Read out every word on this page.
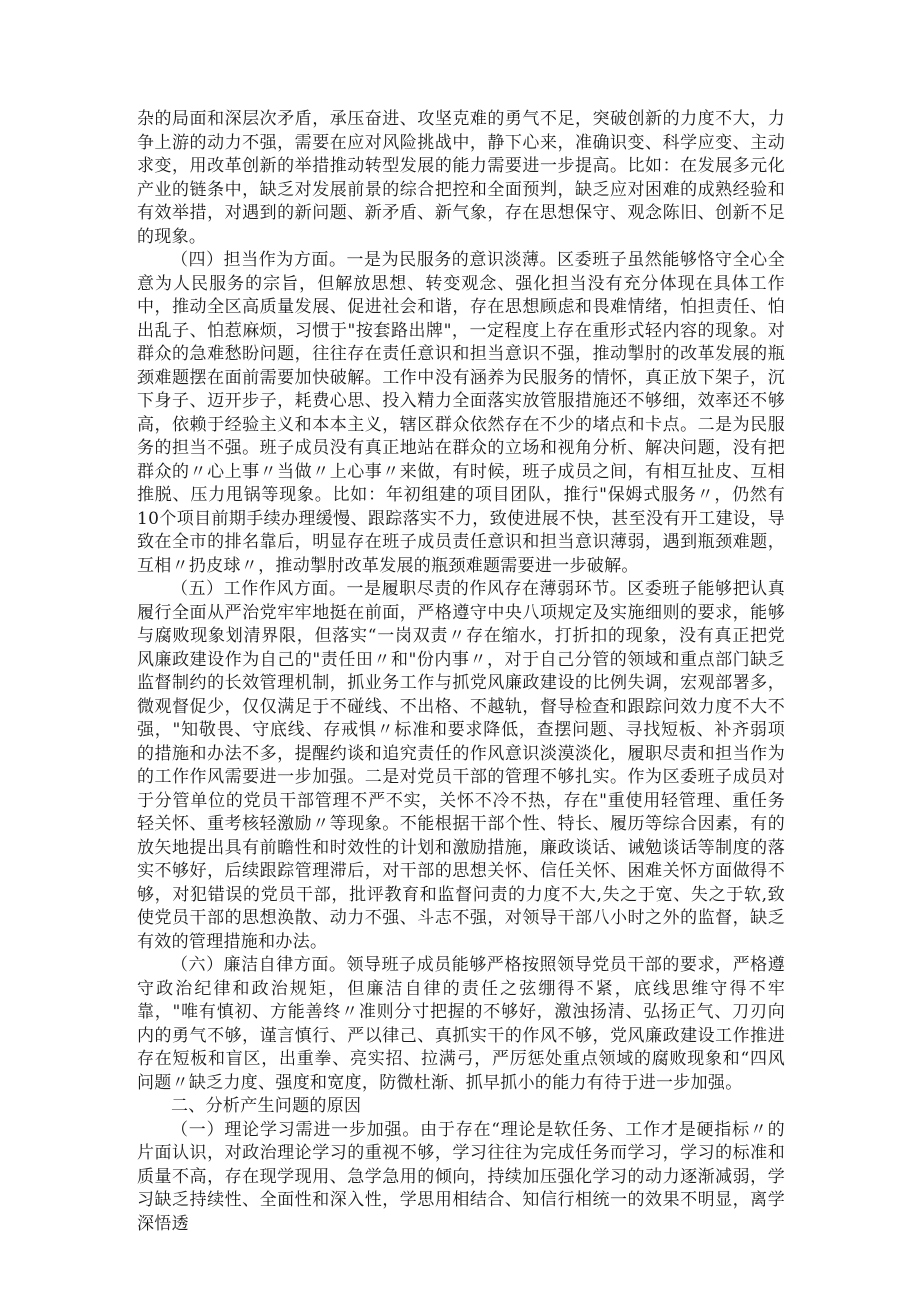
杂的局面和深层次矛盾，承压奋进、攻坚克难的勇气不足，突破创新的力度不大，力争上游的动力不强，需要在应对风险挑战中，静下心来，准确识变、科学应变、主动求变，用改革创新的举措推动转型发展的能力需要进一步提高。比如：在发展多元化产业的链条中，缺乏对发展前景的综合把控和全面预判，缺乏应对困难的成熟经验和有效举措，对遇到的新问题、新矛盾、新气象，存在思想保守、观念陈旧、创新不足的现象。

（四）担当作为方面。一是为民服务的意识淡薄。区委班子虽然能够恪守全心全意为人民服务的宗旨，但解放思想、转变观念、强化担当没有充分体现在具体工作中，推动全区高质量发展、促进社会和谐，存在思想顾虑和畏难情绪，怕担责任、怕出乱子、怕惹麻烦，习惯于"按套路出牌"，一定程度上存在重形式轻内容的现象。对群众的急难愁盼问题，往往存在责任意识和担当意识不强，推动掣肘的改革发展的瓶颈难题摆在面前需要加快破解。工作中没有涵养为民服务的情怀，真正放下架子，沉下身子、迈开步子，耗费心思、投入精力全面落实放管服措施还不够细，效率还不够高，依赖于经验主义和本本主义，辖区群众依然存在不少的堵点和卡点。二是为民服务的担当不强。班子成员没有真正地站在群众的立场和视角分析、解决问题，没有把群众的〃心上事〃当做〃上心事〃来做，有时候，班子成员之间，有相互扯皮、互相推脱、压力甩锅等现象。比如：年初组建的项目团队，推行"保姆式服务〃，仍然有10个项目前期手续办理缓慢、跟踪落实不力，致使进展不快，甚至没有开工建设，导致在全市的排名靠后，明显存在班子成员责任意识和担当意识薄弱，遇到瓶颈难题，互相〃扔皮球〃，推动掣肘改革发展的瓶颈难题需要进一步破解。

（五）工作作风方面。一是履职尽责的作风存在薄弱环节。区委班子能够把认真履行全面从严治党牢牢地挺在前面，严格遵守中央八项规定及实施细则的要求，能够与腐败现象划清界限，但落实“一岗双责〃存在缩水，打折扣的现象，没有真正把党风廉政建设作为自己的"责任田〃和"份内事〃，对于自己分管的领域和重点部门缺乏监督制约的长效管理机制，抓业务工作与抓党风廉政建设的比例失调，宏观部署多，微观督促少，仅仅满足于不碰线、不出格、不越轨，督导检查和跟踪问效力度不大不强，"知敬畏、守底线、存戒惧〃标准和要求降低，查摆问题、寻找短板、补齐弱项的措施和办法不多，提醒约谈和追究责任的作风意识淡漠淡化，履职尽责和担当作为的工作作风需要进一步加强。二是对党员干部的管理不够扎实。作为区委班子成员对于分管单位的党员干部管理不严不实，关怀不冷不热，存在"重使用轻管理、重任务轻关怀、重考核轻激励〃等现象。不能根据干部个性、特长、履历等综合因素，有的放矢地提出具有前瞻性和时效性的计划和激励措施，廉政谈话、诫勉谈话等制度的落实不够好，后续跟踪管理滞后，对干部的思想关怀、信任关怀、困难关怀方面做得不够，对犯错误的党员干部，批评教育和监督问责的力度不大,失之于宽、失之于软,致使党员干部的思想涣散、动力不强、斗志不强，对领导干部八小时之外的监督，缺乏有效的管理措施和办法。

（六）廉洁自律方面。领导班子成员能够严格按照领导党员干部的要求，严格遵守政治纪律和政治规矩，但廉洁自律的责任之弦绷得不紧，底线思维守得不牢靠，"唯有慎初、方能善终〃准则分寸把握的不够好，激浊扬清、弘扬正气、刀刃向内的勇气不够，谨言慎行、严以律己、真抓实干的作风不够，党风廉政建设工作推进存在短板和盲区，出重拳、亮实招、拉满弓，严厉惩处重点领域的腐败现象和“四风问题〃缺乏力度、强度和宽度，防微杜渐、抓早抓小的能力有待于进一步加强。

二、分析产生问题的原因

（一）理论学习需进一步加强。由于存在“理论是软任务、工作才是硬指标〃的片面认识，对政治理论学习的重视不够，学习往往为完成任务而学习，学习的标准和质量不高，存在现学现用、急学急用的倾向，持续加压强化学习的动力逐渐减弱，学习缺乏持续性、全面性和深入性，学思用相结合、知信行相统一的效果不明显，离学深悟透
